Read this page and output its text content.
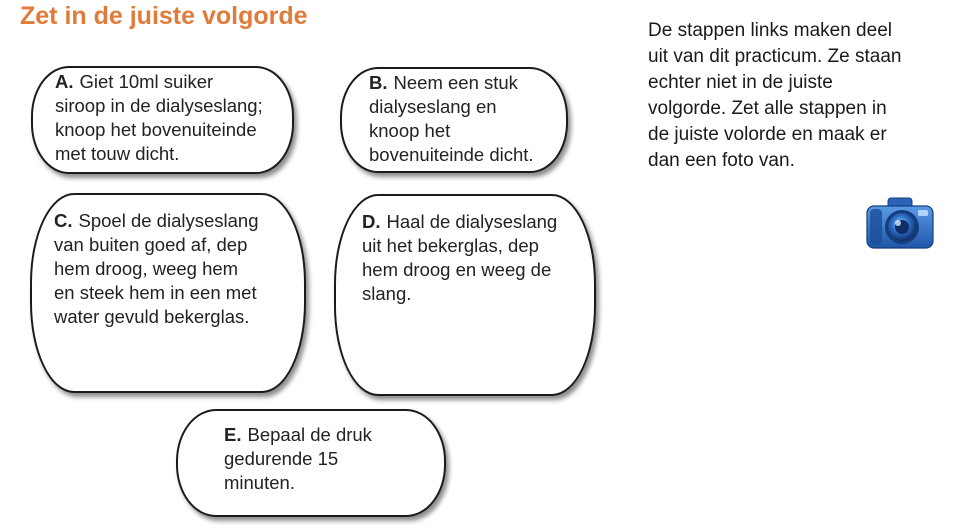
Zet in de juiste volgorde
A. Giet 10ml suiker
siroop in de dialyseslang;
knoop het bovenuiteinde
met touw dicht.
B. Neem een stuk
dialyseslang en
knoop het
bovenuiteinde dicht.
C. Spoel de dialyseslang
van buiten goed af, dep
hem droog, weeg hem
en steek hem in een met
water gevuld bekerglas.
D. Haal de dialyseslang
uit het bekerglas, dep
hem droog en weeg de
slang.
E. Bepaal de druk
gedurende 15
minuten.
De stappen links maken deel
uit van dit practicum. Ze staan
echter niet in de juiste
volgorde. Zet alle stappen in
de juiste volorde en maak er
dan een foto van.
